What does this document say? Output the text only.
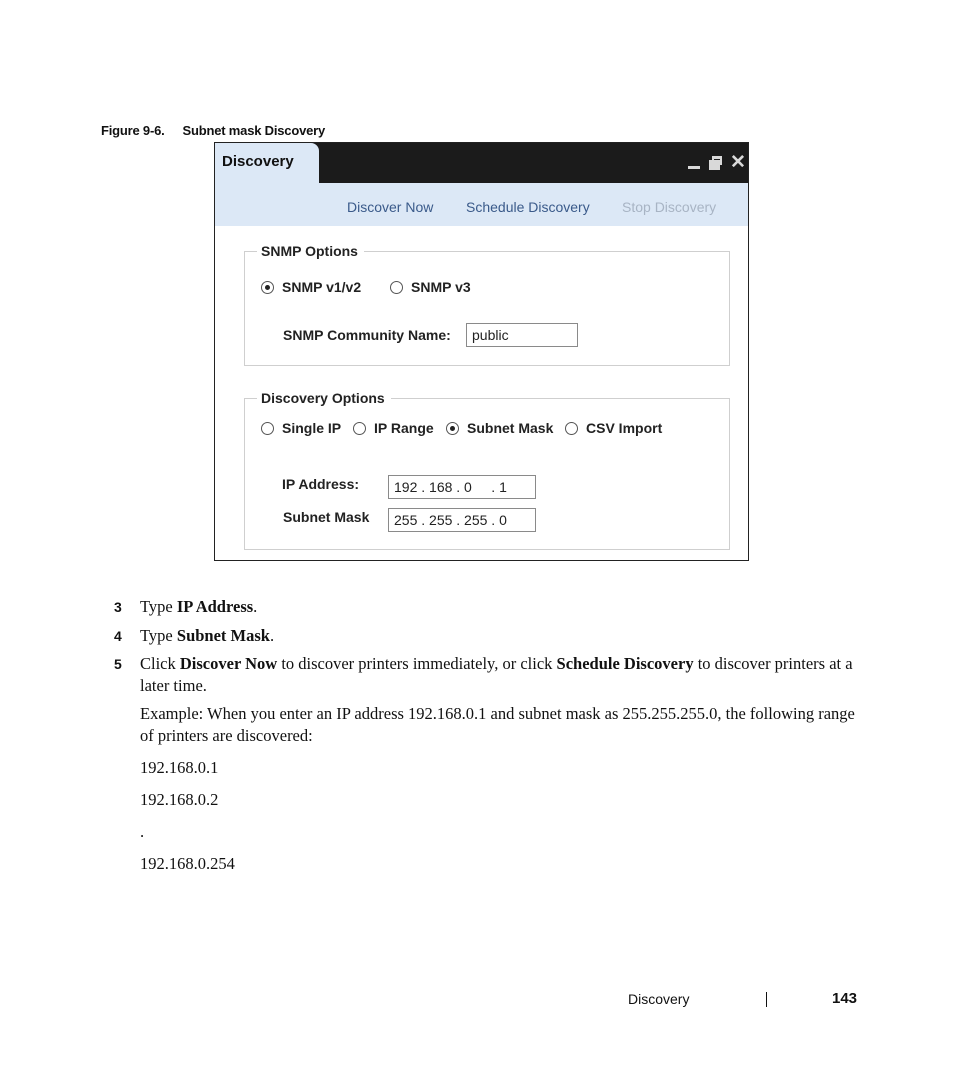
Figure 9-6. Subnet mask Discovery
Discovery	✕
Discover Now Schedule Discovery Stop Discovery
SNMP Options
SNMP v1/v2	SNMP v3
SNMP Community Name:	public
Discovery Options
Single IP IP Range Subnet Mask CSV Import
IP Address:	192 . 168 . 0     . 1
Subnet Mask	255 . 255 . 255 . 0
3 Type IP Address.
4 Type Subnet Mask.
5 Click Discover Now to discover printers immediately, or click Schedule Discovery to discover printers at a later time.
Example: When you enter an IP address 192.168.0.1 and subnet mask as 255.255.255.0, the following range of printers are discovered:
192.168.0.1
192.168.0.2
.
192.168.0.254
Discovery	143
